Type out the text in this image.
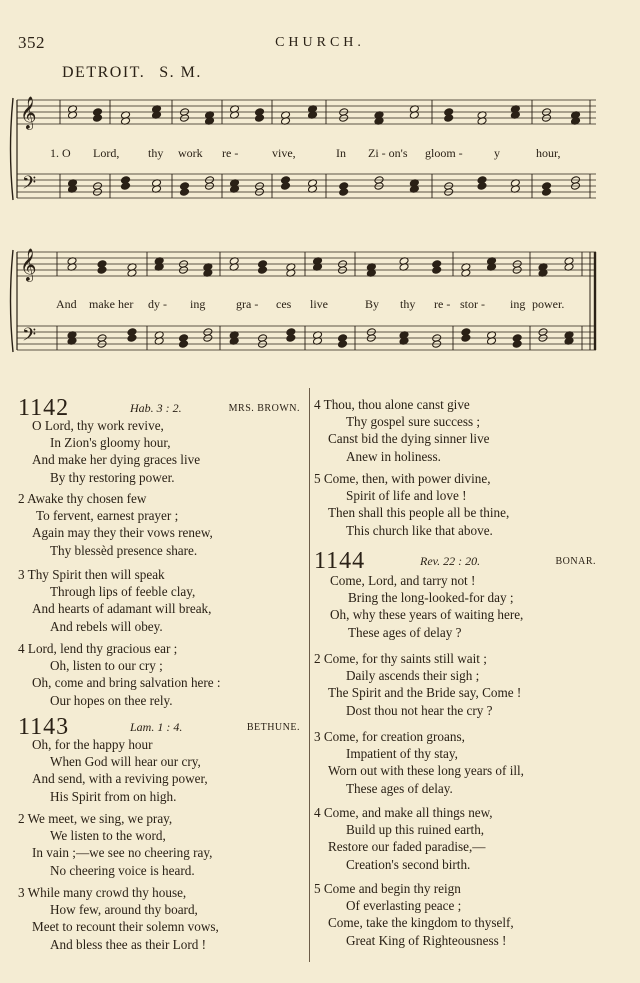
352	CHURCH.
DETROIT. S. M.
𝄞
𝄢
𝄞
𝄢
1. O Lord, thy work re -	vive,	In Zi - on's gloom -	y	hour,
And make her dy - ing	gra - ces live	By thy re - stor - ing power.
1142	Hab. 3 : 2.	MRS. BROWN.
O Lord, thy work revive,
In Zion's gloomy hour,
And make her dying graces live
By thy restoring power.
2 Awake thy chosen few
To fervent, earnest prayer ;
Again may they their vows renew,
Thy blessèd presence share.
3 Thy Spirit then will speak
Through lips of feeble clay,
And hearts of adamant will break,
And rebels will obey.
4 Lord, lend thy gracious ear ;
Oh, listen to our cry ;
Oh, come and bring salvation here :
Our hopes on thee rely.
1143	Lam. 1 : 4.	BETHUNE.
Oh, for the happy hour
When God will hear our cry,
And send, with a reviving power,
His Spirit from on high.
2 We meet, we sing, we pray,
We listen to the word,
In vain ;—we see no cheering ray,
No cheering voice is heard.
3 While many crowd thy house,
How few, around thy board,
Meet to recount their solemn vows,
And bless thee as their Lord !
4 Thou, thou alone canst give
Thy gospel sure success ;
Canst bid the dying sinner live
Anew in holiness.
5 Come, then, with power divine,
Spirit of life and love !
Then shall this people all be thine,
This church like that above.
1144	Rev. 22 : 20.	BONAR.
Come, Lord, and tarry not !
Bring the long-looked-for day ;
Oh, why these years of waiting here,
These ages of delay ?
2 Come, for thy saints still wait ;
Daily ascends their sigh ;
The Spirit and the Bride say, Come !
Dost thou not hear the cry ?
3 Come, for creation groans,
Impatient of thy stay,
Worn out with these long years of ill,
These ages of delay.
4 Come, and make all things new,
Build up this ruined earth,
Restore our faded paradise,—
Creation's second birth.
5 Come and begin thy reign
Of everlasting peace ;
Come, take the kingdom to thyself,
Great King of Righteousness !
